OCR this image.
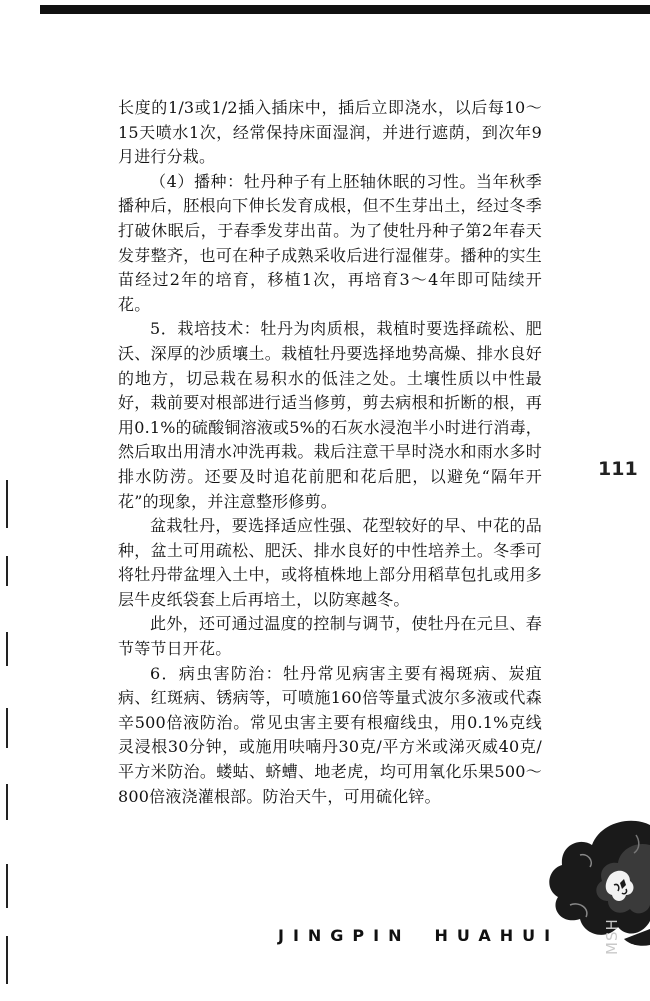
长度的1/3或1/2插入插床中，插后立即浇水，以后每10～15天喷水1次，经常保持床面湿润，并进行遮荫，到次年9月进行分栽。

（4）播种：牡丹种子有上胚轴休眠的习性。当年秋季播种后，胚根向下伸长发育成根，但不生芽出土，经过冬季打破休眠后，于春季发芽出苗。为了使牡丹种子第2年春天发芽整齐，也可在种子成熟采收后进行湿催芽。播种的实生苗经过2年的培育，移植1次，再培育3～4年即可陆续开花。

5．栽培技术：牡丹为肉质根，栽植时要选择疏松、肥沃、深厚的沙质壤土。栽植牡丹要选择地势高燥、排水良好的地方，切忌栽在易积水的低洼之处。土壤性质以中性最好，栽前要对根部进行适当修剪，剪去病根和折断的根，再用0.1%的硫酸铜溶液或5%的石灰水浸泡半小时进行消毒，然后取出用清水冲洗再栽。栽后注意干旱时浇水和雨水多时排水防涝。还要及时追花前肥和花后肥，以避免“隔年开花”的现象，并注意整形修剪。

盆栽牡丹，要选择适应性强、花型较好的早、中花的品种，盆土可用疏松、肥沃、排水良好的中性培养土。冬季可将牡丹带盆埋入土中，或将植株地上部分用稻草包扎或用多层牛皮纸袋套上后再培土，以防寒越冬。

此外，还可通过温度的控制与调节，使牡丹在元旦、春节等节日开花。

6．病虫害防治：牡丹常见病害主要有褐斑病、炭疽病、红斑病、锈病等，可喷施160倍等量式波尔多液或代森辛500倍液防治。常见虫害主要有根瘤线虫，用0.1%克线灵浸根30分钟，或施用呋喃丹30克/平方米或涕灭威40克/平方米防治。蝼蛄、蛴螬、地老虎，均可用氧化乐果500～800倍液浇灌根部。防治天牛，可用硫化锌。

111
JINGPIN HUAHUI	MSH
